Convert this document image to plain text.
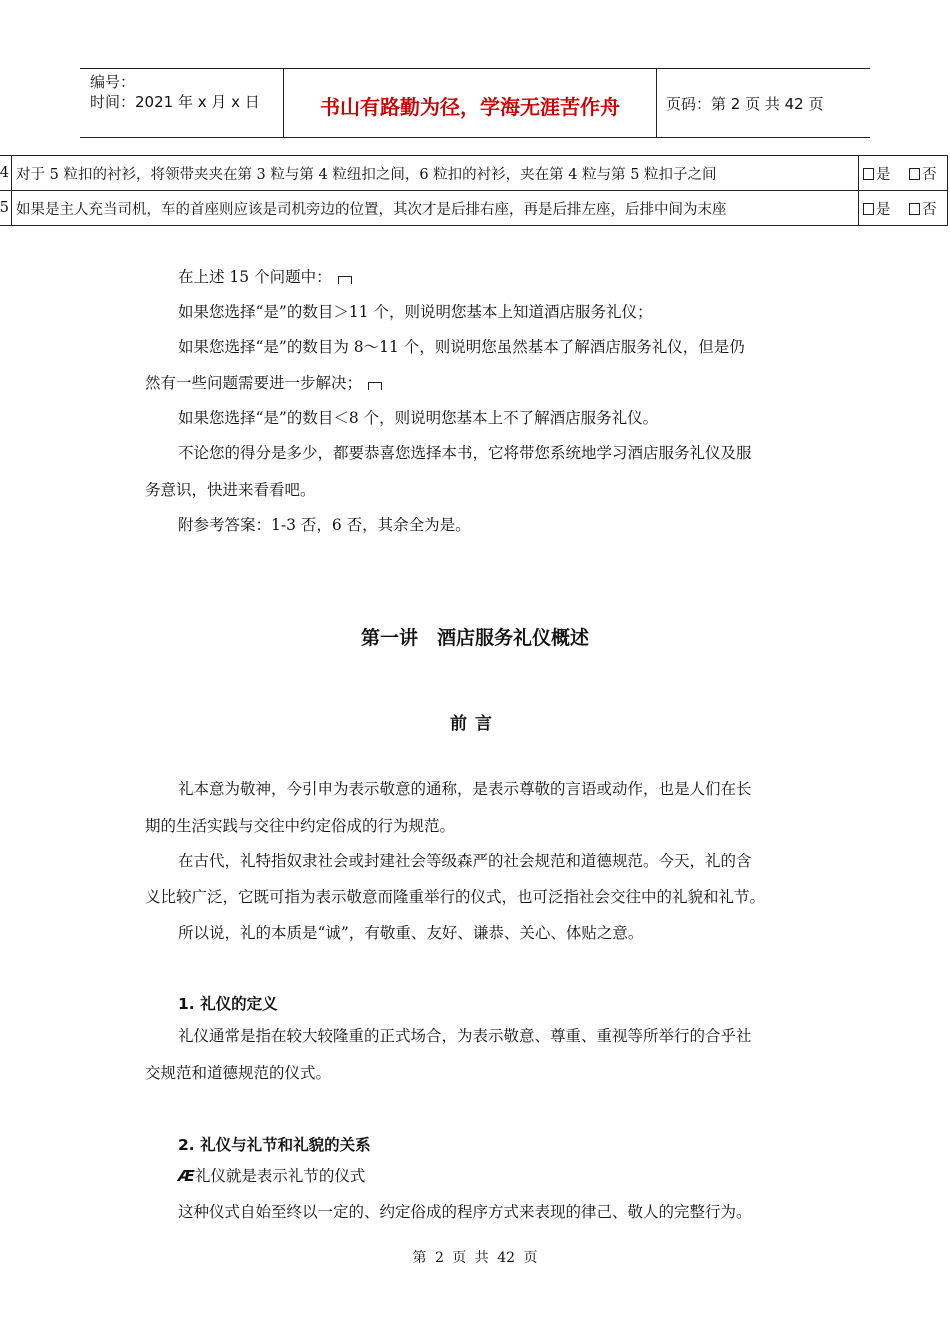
编号：
时间：2021 年 x 月 x 日	书山有路勤为径，学海无涯苦作舟	页码：第 2 页 共 42 页
4	对于 5 粒扣的衬衫，将领带夹夹在第 3 粒与第 4 粒纽扣之间，6 粒扣的衬衫，夹在第 4 粒与第 5 粒扣子之间	是 否
5	如果是主人充当司机，车的首座则应该是司机旁边的位置，其次才是后排右座，再是后排左座，后排中间为末座	是 否
在上述 15 个问题中：
如果您选择“是”的数目＞11 个，则说明您基本上知道酒店服务礼仪；
如果您选择“是”的数目为 8～11 个，则说明您虽然基本了解酒店服务礼仪，但是仍
然有一些问题需要进一步解决；
如果您选择“是”的数目＜8 个，则说明您基本上不了解酒店服务礼仪。
不论您的得分是多少，都要恭喜您选择本书，它将带您系统地学习酒店服务礼仪及服
务意识，快进来看看吧。
附参考答案：1-3 否，6 否，其余全为是。
第一讲　酒店服务礼仪概述
前言
礼本意为敬神，今引申为表示敬意的通称，是表示尊敬的言语或动作，也是人们在长
期的生活实践与交往中约定俗成的行为规范。
在古代，礼特指奴隶社会或封建社会等级森严的社会规范和道德规范。今天，礼的含
义比较广泛，它既可指为表示敬意而隆重举行的仪式，也可泛指社会交往中的礼貌和礼节。
所以说，礼的本质是“诚”，有敬重、友好、谦恭、关心、体贴之意。
1. 礼仪的定义
礼仪通常是指在较大较隆重的正式场合，为表示敬意、尊重、重视等所举行的合乎社
交规范和道德规范的仪式。
2. 礼仪与礼节和礼貌的关系
Æ礼仪就是表示礼节的仪式
这种仪式自始至终以一定的、约定俗成的程序方式来表现的律己、敬人的完整行为。
第 2 页 共 42 页
